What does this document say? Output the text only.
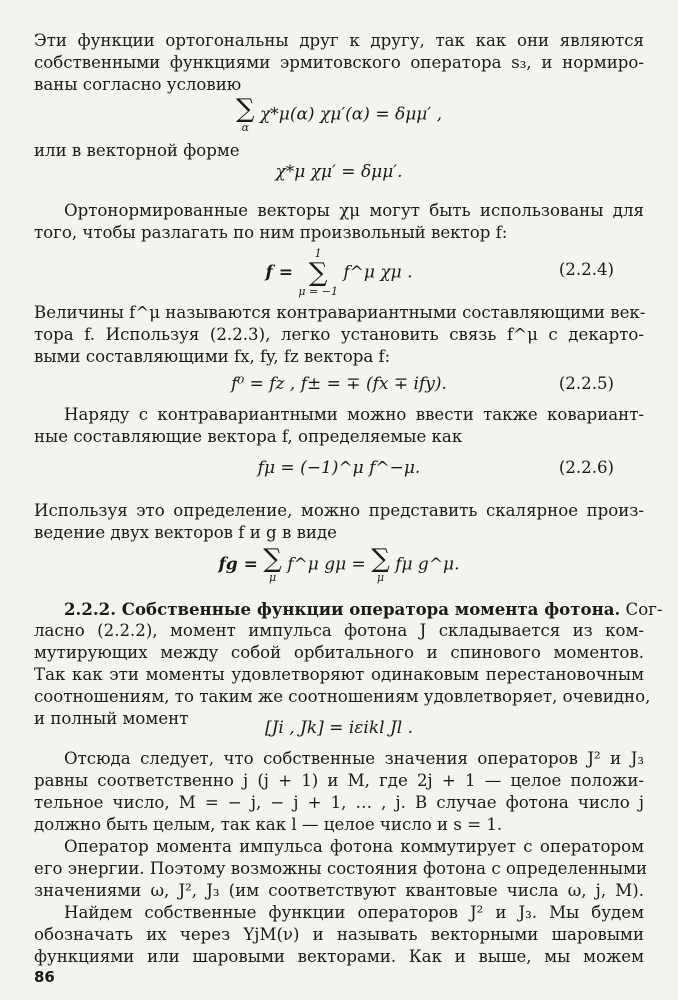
Эти функции ортогональны друг к другу, так как они являются
собственными функциями эрмитовского оператора s₃, и нормиро-
ваны согласно условию
∑
α
χ*μ(α) χμ′(α) = δμμ′ ,
или в векторной форме
χ*μ χμ′ = δμμ′.
Ортонормированные векторы χμ могут быть использованы для
того, чтобы разлагать по ним произвольный вектор f:
f =
1
∑
μ = −1
f^μ χμ .	(2.2.4)
Величины f^μ называются контравариантными составляющими век-
тора f. Используя (2.2.3), легко установить связь f^μ с декарто-
выми составляющими fx, fy, fz вектора f:
f⁰ = fz , f± = ∓ (fx ∓ ify).	(2.2.5)
Наряду с контравариантными можно ввести также ковариант-
ные составляющие вектора f, определяемые как
fμ = (−1)^μ f^−μ.	(2.2.6)
Используя это определение, можно представить скалярное произ-
ведение двух векторов f и g в виде
fg = ∑
μ
f^μ gμ = ∑
μ
fμ g^μ.
2.2.2. Собственные функции оператора момента фотона. Сог-
ласно (2.2.2), момент импульса фотона J складывается из ком-
мутирующих между собой орбитального и спинового моментов.
Так как эти моменты удовлетворяют одинаковым перестановочным
соотношениям, то таким же соотношениям удовлетворяет, очевидно,
и полный момент	[Ji , Jk] = iεikl Jl .
Отсюда следует, что собственные значения операторов J² и J₃
равны соответственно j (j + 1) и M, где 2j + 1 — целое положи-
тельное число, M = − j, − j + 1, … , j. В случае фотона число j
должно быть целым, так как l — целое число и s = 1.
Оператор момента импульса фотона коммутирует с оператором
его энергии. Поэтому возможны состояния фотона с определенными
значениями ω, J², J₃ (им соответствуют квантовые числа ω, j, M).
Найдем собственные функции операторов J² и J₃. Мы будем
обозначать их через YjM(ν) и называть векторными шаровыми
функциями или шаровыми векторами. Как и выше, мы можем
86
